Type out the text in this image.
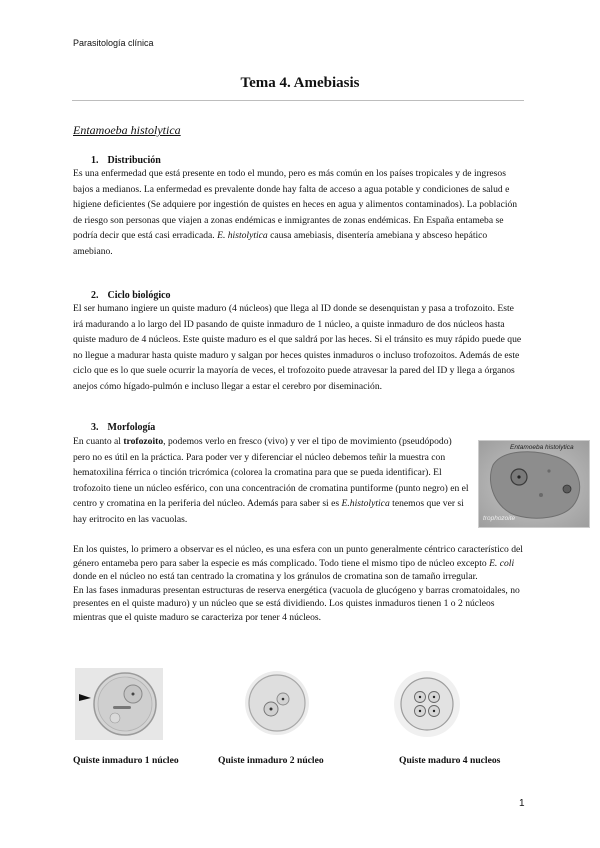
Parasitología clínica
Tema 4. Amebiasis
Entamoeba histolytica
1. Distribución

Es una enfermedad que está presente en todo el mundo, pero es más común en los países tropicales y de ingresos bajos a medianos. La enfermedad es prevalente donde hay falta de acceso a agua potable y condiciones de salud e higiene deficientes (Se adquiere por ingestión de quistes en heces en agua y alimentos contaminados). La población de riesgo son personas que viajen a zonas endémicas e inmigrantes de zonas endémicas. En España entameba se podría decir que está casi erradicada. E. histolytica causa amebiasis, disentería amebiana y absceso hepático amebiano.

2. Ciclo biológico

El ser humano ingiere un quiste maduro (4 núcleos) que llega al ID donde se desenquistan y pasa a trofozoito. Este irá madurando a lo largo del ID pasando de quiste inmaduro de 1 núcleo, a quiste inmaduro de dos núcleos hasta quiste maduro de 4 núcleos. Este quiste maduro es el que saldrá por las heces. Si el tránsito es muy rápido puede que no llegue a madurar hasta quiste maduro y salgan por heces quistes inmaduros o incluso trofozoitos. Además de este ciclo que es lo que suele ocurrir la mayoría de veces, el trofozoito puede atravesar la pared del ID y llega a órganos anejos cómo hígado-pulmón e incluso llegar a estar el cerebro por diseminación.

3. Morfología

En cuanto al trofozoito, podemos verlo en fresco (vivo) y ver el tipo de movimiento (pseudópodo) pero no es útil en la práctica. Para poder ver y diferenciar el núcleo debemos teñir la muestra con hematoxilina férrica o tinción tricrómica (colorea la cromatina para que se pueda identificar). El trofozoito tiene un núcleo esférico, con una concentración de cromatina puntiforme (punto negro) en el centro y cromatina en la periferia del núcleo. Además para saber si es E.histolytica tenemos que ver si hay eritrocito en las vacuolas.

En los quistes, lo primero a observar es el núcleo, es una esfera con un punto generalmente céntrico característico del género entameba pero para saber la especie es más complicado. Todo tiene el mismo tipo de núcleo excepto E. coli donde en el núcleo no está tan centrado la cromatina y los gránulos de cromatina son de tamaño irregular.

En las fases inmaduras presentan estructuras de reserva energética (vacuola de glucógeno y barras cromatoidales, no presentes en el quiste maduro) y un núcleo que se está dividiendo. Los quistes inmaduros tienen 1 o 2 núcleos mientras que el quiste maduro se caracteriza por tener 4 núcleos.

Entamoeba histolytica
trophozoite
Quiste inmaduro 1 núcleo	Quiste inmaduro 2 núcleo	Quiste maduro 4 nucleos
1
